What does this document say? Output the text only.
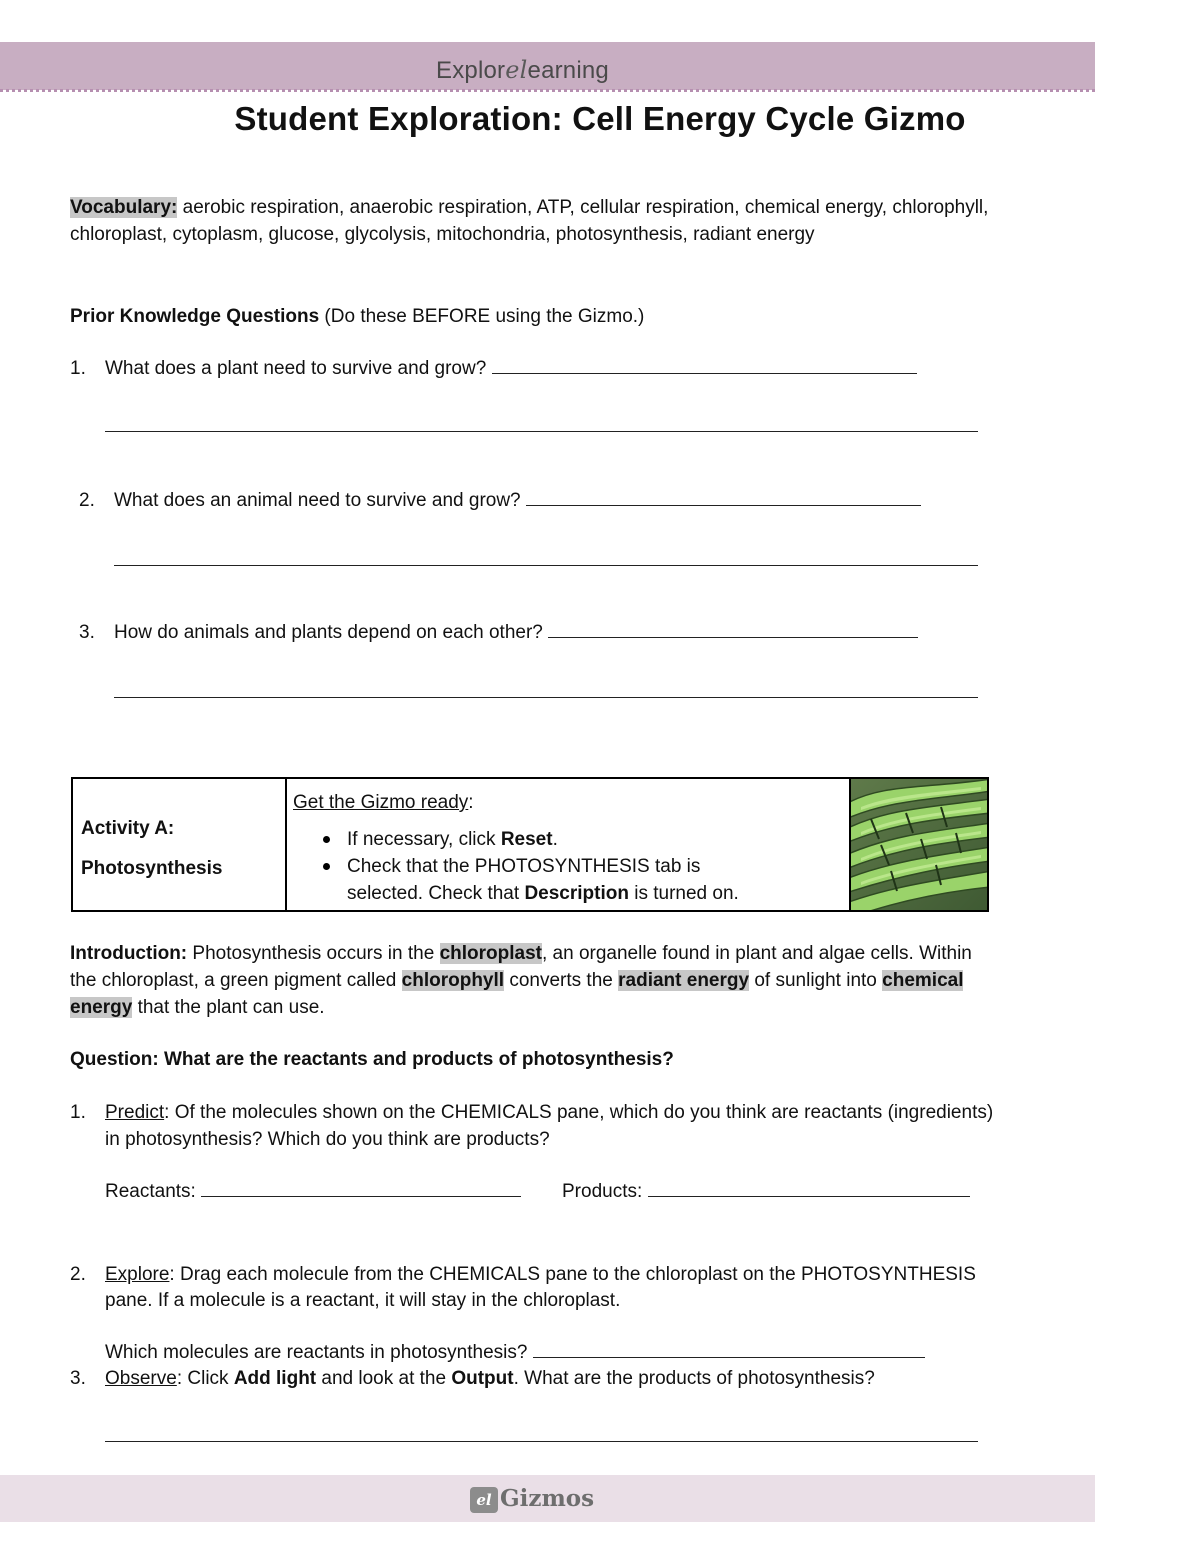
Explorelearning
Student Exploration: Cell Energy Cycle Gizmo
Vocabulary: aerobic respiration, anaerobic respiration, ATP, cellular respiration, chemical energy, chlorophyll,
chloroplast, cytoplasm, glucose, glycolysis, mitochondria, photosynthesis, radiant energy
Prior Knowledge Questions (Do these BEFORE using the Gizmo.)
1. What does a plant need to survive and grow?
2. What does an animal need to survive and grow?
3. How do animals and plants depend on each other?
Activity A:
Photosynthesis
Get the Gizmo ready:
If necessary, click Reset.
Check that the PHOTOSYNTHESIS tab is
selected. Check that Description is turned on.
Introduction: Photosynthesis occurs in the chloroplast, an organelle found in plant and algae cells. Within
the chloroplast, a green pigment called chlorophyll converts the radiant energy of sunlight into chemical
energy that the plant can use.
Question: What are the reactants and products of photosynthesis?
1. Predict: Of the molecules shown on the CHEMICALS pane, which do you think are reactants (ingredients)
in photosynthesis? Which do you think are products?
Reactants:	Products:
2. Explore: Drag each molecule from the CHEMICALS pane to the chloroplast on the PHOTOSYNTHESIS
pane. If a molecule is a reactant, it will stay in the chloroplast.
Which molecules are reactants in photosynthesis?
3. Observe: Click Add light and look at the Output. What are the products of photosynthesis?
el Gizmos
